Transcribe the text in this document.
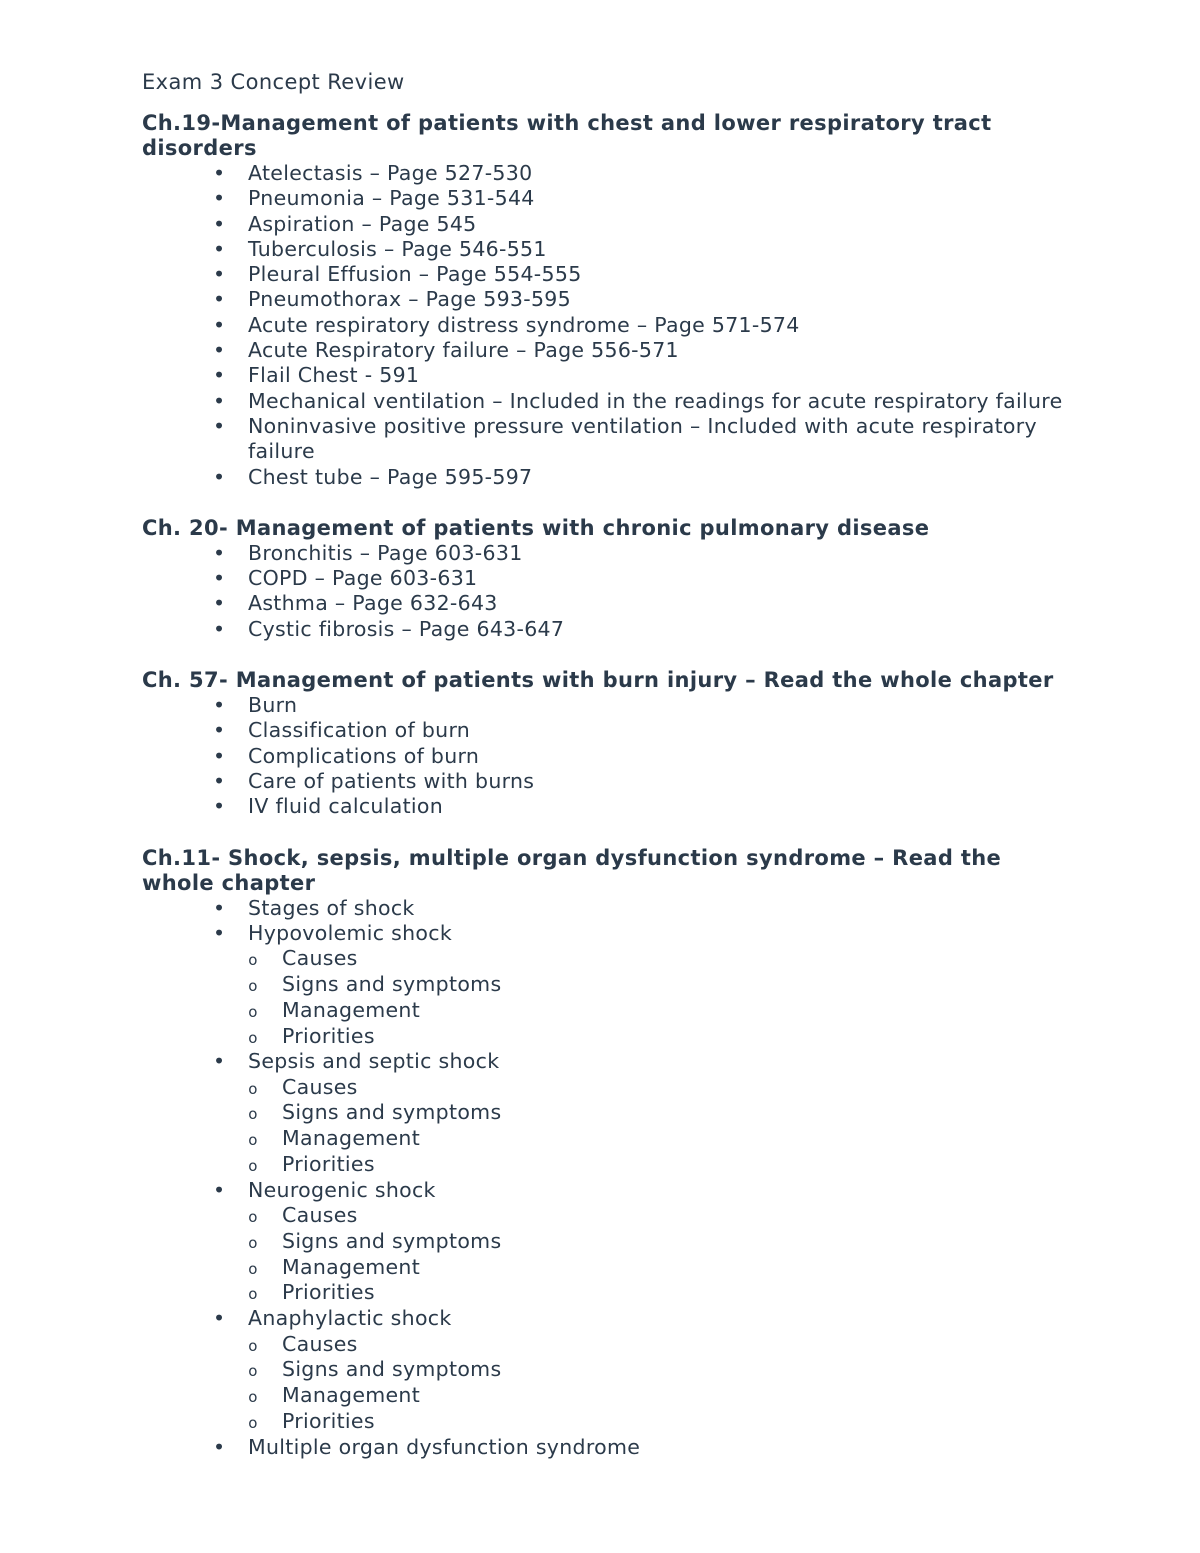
Exam 3 Concept Review
Ch.19-Management of patients with chest and lower respiratory tract disorders
• Atelectasis – Page 527-530
• Pneumonia – Page 531-544
• Aspiration – Page 545
• Tuberculosis – Page 546-551
• Pleural Effusion – Page 554-555
• Pneumothorax – Page 593-595
• Acute respiratory distress syndrome – Page 571-574
• Acute Respiratory failure – Page 556-571
• Flail Chest - 591
• Mechanical ventilation – Included in the readings for acute respiratory failure
• Noninvasive positive pressure ventilation – Included with acute respiratory failure
• Chest tube – Page 595-597
Ch. 20- Management of patients with chronic pulmonary disease
• Bronchitis – Page 603-631
• COPD – Page 603-631
• Asthma – Page 632-643
• Cystic fibrosis – Page 643-647
Ch. 57- Management of patients with burn injury – Read the whole chapter
• Burn
• Classification of burn
• Complications of burn
• Care of patients with burns
• IV fluid calculation
Ch.11- Shock, sepsis, multiple organ dysfunction syndrome – Read the whole chapter
• Stages of shock
• Hypovolemic shock
o Causes
o Signs and symptoms
o Management
o Priorities
• Sepsis and septic shock
o Causes
o Signs and symptoms
o Management
o Priorities
• Neurogenic shock
o Causes
o Signs and symptoms
o Management
o Priorities
• Anaphylactic shock
o Causes
o Signs and symptoms
o Management
o Priorities
• Multiple organ dysfunction syndrome
